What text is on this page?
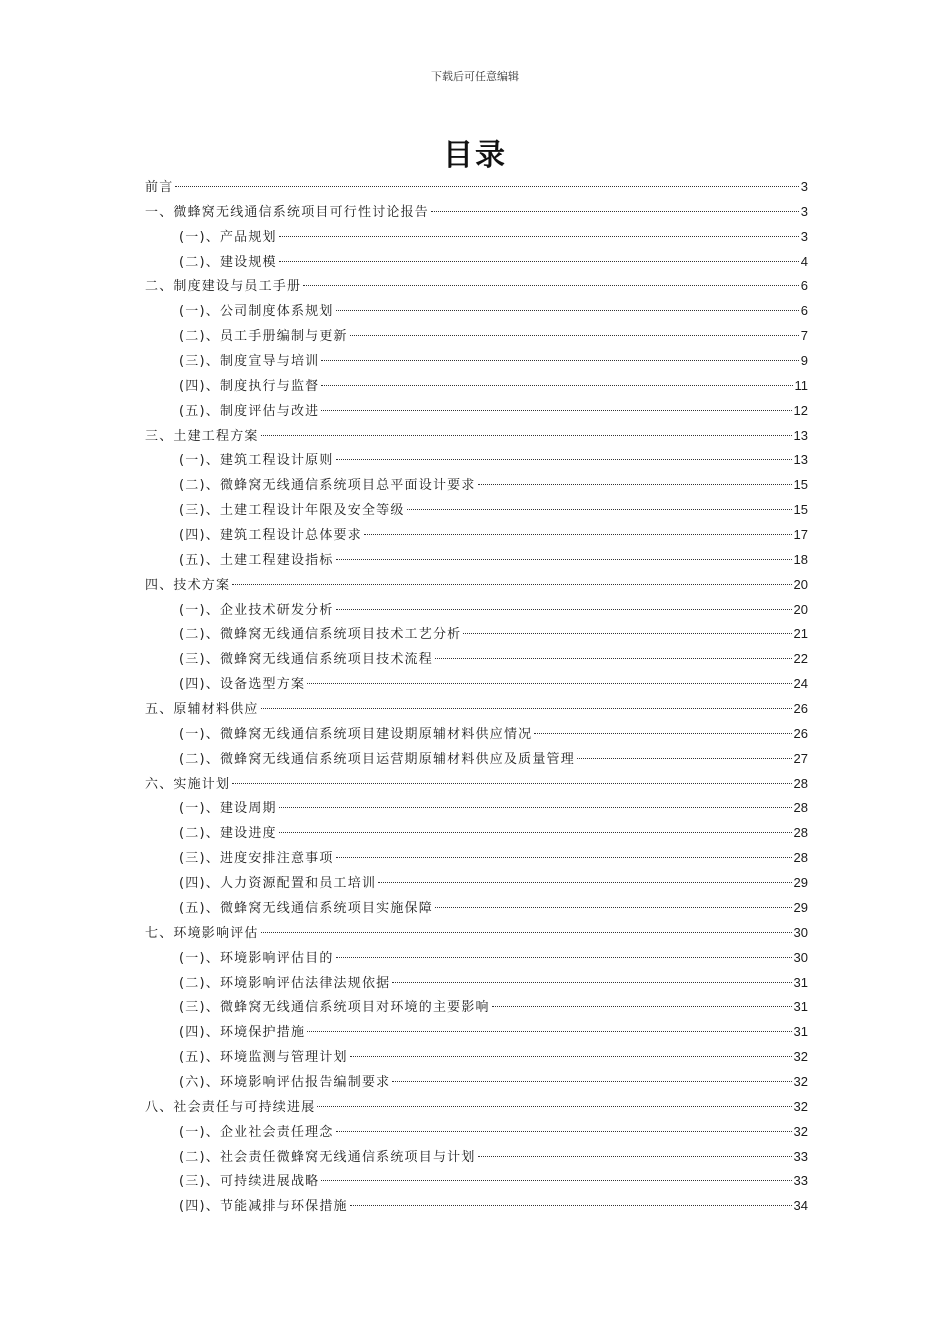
下载后可任意编辑
目录
前言	3
一、微蜂窝无线通信系统项目可行性讨论报告	3
(一)、产品规划	3
(二)、建设规模	4
二、制度建设与员工手册	6
(一)、公司制度体系规划	6
(二)、员工手册编制与更新	7
(三)、制度宣导与培训	9
(四)、制度执行与监督	11
(五)、制度评估与改进	12
三、土建工程方案	13
(一)、建筑工程设计原则	13
(二)、微蜂窝无线通信系统项目总平面设计要求	15
(三)、土建工程设计年限及安全等级	15
(四)、建筑工程设计总体要求	17
(五)、土建工程建设指标	18
四、技术方案	20
(一)、企业技术研发分析	20
(二)、微蜂窝无线通信系统项目技术工艺分析	21
(三)、微蜂窝无线通信系统项目技术流程	22
(四)、设备选型方案	24
五、原辅材料供应	26
(一)、微蜂窝无线通信系统项目建设期原辅材料供应情况	26
(二)、微蜂窝无线通信系统项目运营期原辅材料供应及质量管理	27
六、实施计划	28
(一)、建设周期	28
(二)、建设进度	28
(三)、进度安排注意事项	28
(四)、人力资源配置和员工培训	29
(五)、微蜂窝无线通信系统项目实施保障	29
七、环境影响评估	30
(一)、环境影响评估目的	30
(二)、环境影响评估法律法规依据	31
(三)、微蜂窝无线通信系统项目对环境的主要影响	31
(四)、环境保护措施	31
(五)、环境监测与管理计划	32
(六)、环境影响评估报告编制要求	32
八、社会责任与可持续进展	32
(一)、企业社会责任理念	32
(二)、社会责任微蜂窝无线通信系统项目与计划	33
(三)、可持续进展战略	33
(四)、节能减排与环保措施	34
